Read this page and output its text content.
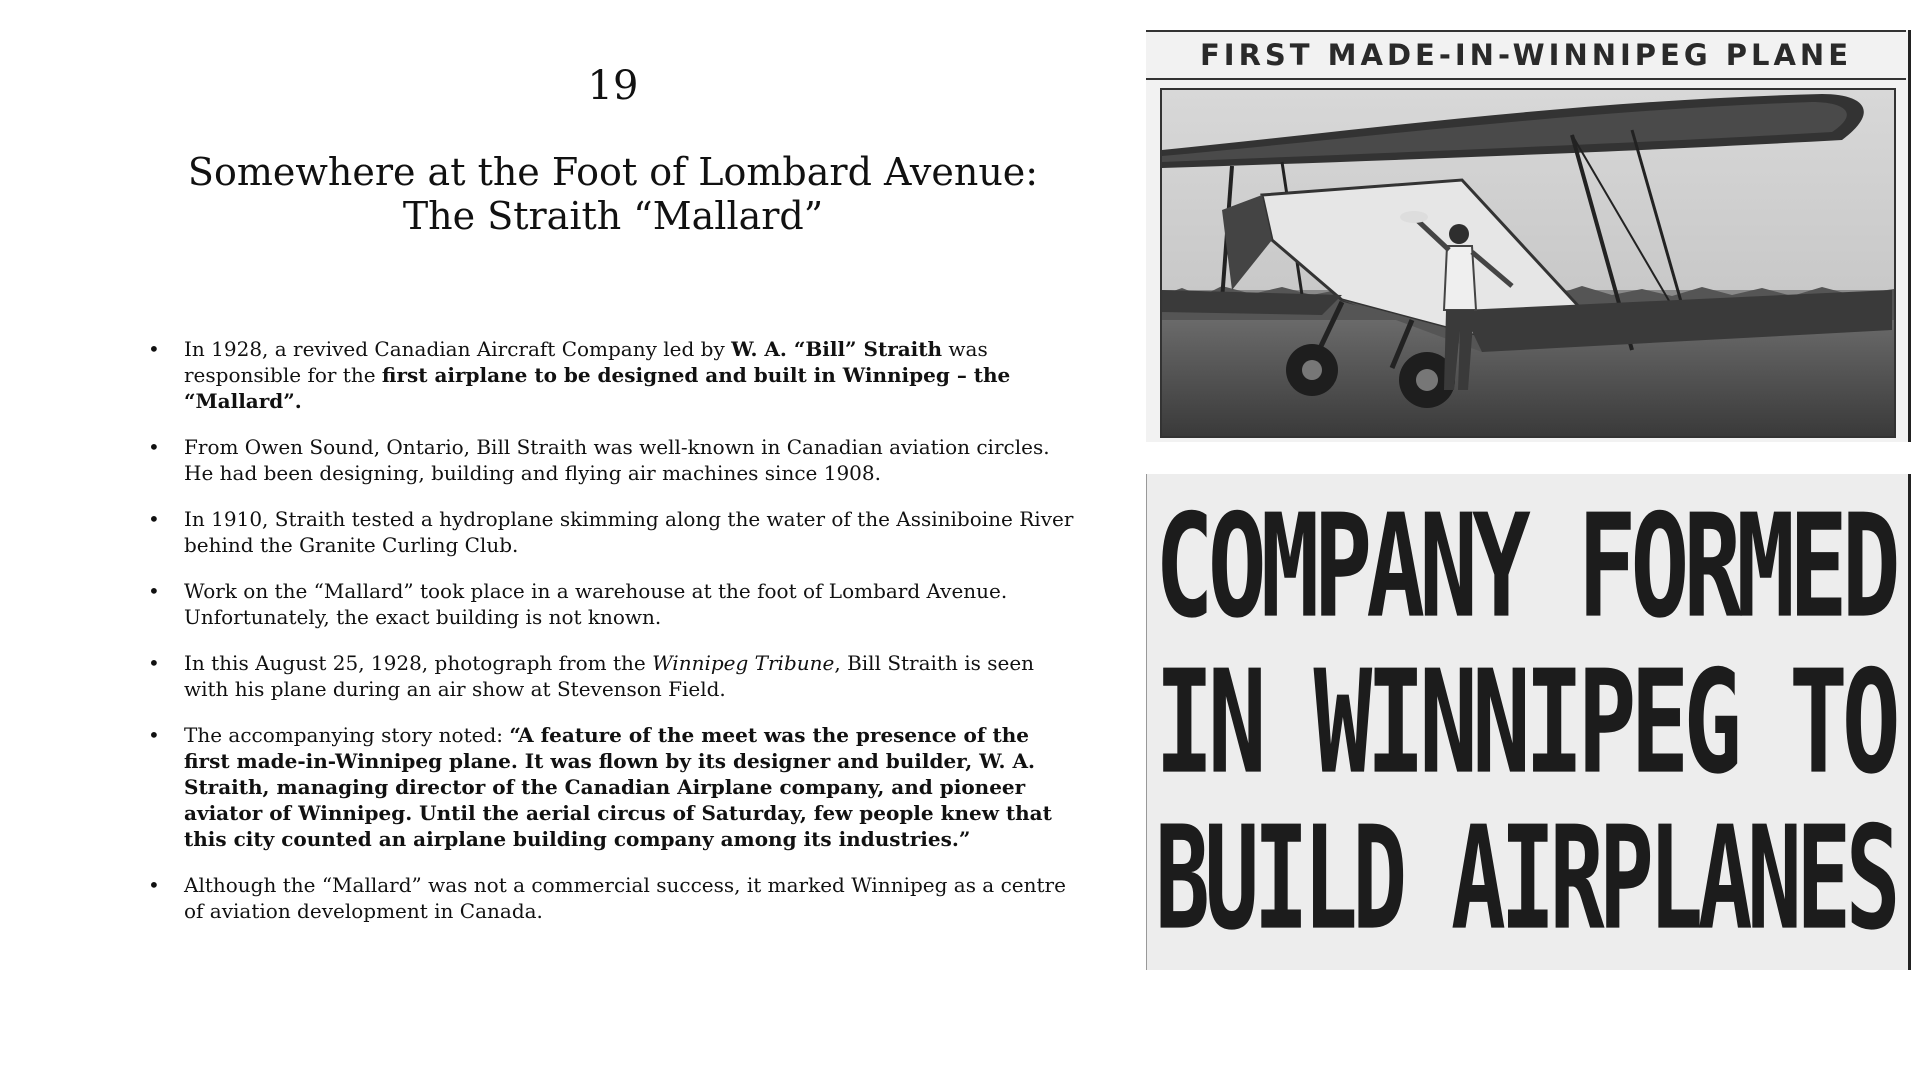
19
Somewhere at the Foot of Lombard Avenue:
The Straith “Mallard”
• In 1928, a revived Canadian Aircraft Company led by W. A. “Bill” Straith was responsible for the first airplane to be designed and built in Winnipeg – the “Mallard”.
• From Owen Sound, Ontario, Bill Straith was well-known in Canadian aviation circles. He had been designing, building and flying air machines since 1908.
• In 1910, Straith tested a hydroplane skimming along the water of the Assiniboine River behind the Granite Curling Club.
• Work on the “Mallard” took place in a warehouse at the foot of Lombard Avenue. Unfortunately, the exact building is not known.
• In this August 25, 1928, photograph from the Winnipeg Tribune, Bill Straith is seen with his plane during an air show at Stevenson Field.
• The accompanying story noted: “A feature of the meet was the presence of the first made-in-Winnipeg plane. It was flown by its designer and builder, W. A. Straith, managing director of the Canadian Airplane company, and pioneer aviator of Winnipeg. Until the aerial circus of Saturday, few people knew that this city counted an airplane building company among its industries.”
• Although the “Mallard” was not a commercial success, it marked Winnipeg as a centre of aviation development in Canada.
FIRST MADE-IN-WINNIPEG PLANE
COMPANY FORMED
IN WINNIPEG TO
BUILD AIRPLANES
